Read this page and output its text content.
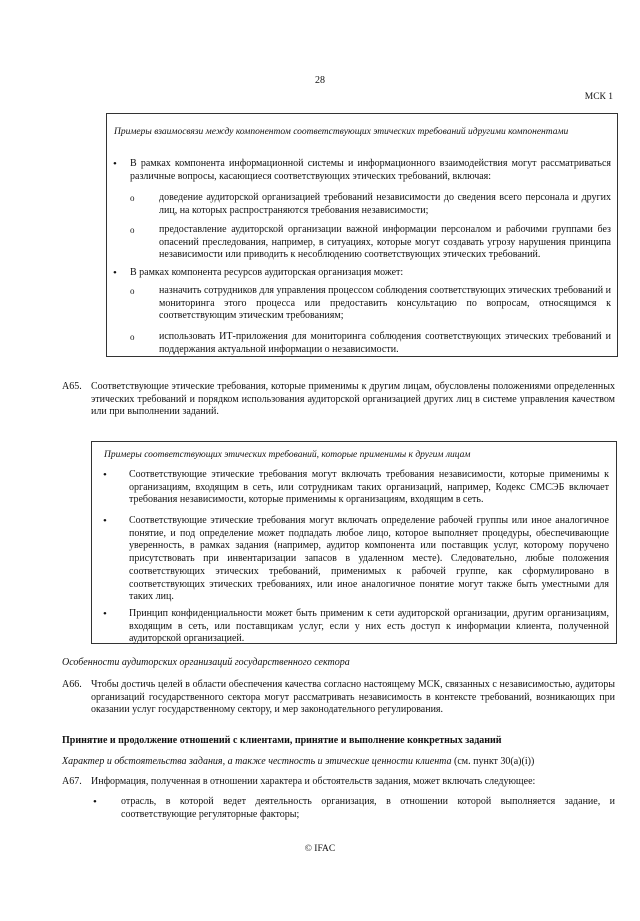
28
МСК 1
Примеры взаимосвязи между компонентом соответствующих этических требований идругими компонентами
• В рамках компонента информационной системы и информационного взаимодействия могут рассматриваться различные вопросы, касающиеся соответствующих этических требований, включая:
o доведение аудиторской организацией требований независимости до сведения всего персонала и других лиц, на которых распространяются требования независимости;
o предоставление аудиторской организации важной информации персоналом и рабочими группами без опасений преследования, например, в ситуациях, которые могут создавать угрозу нарушения принципа независимости или приводить к несоблюдению соответствующих этических требований.
• В рамках компонента ресурсов аудиторская организация может:
o назначить сотрудников для управления процессом соблюдения соответствующих этических требований и мониторинга этого процесса или предоставить консультацию по вопросам, относящимся к соответствующим этическим требованиям;
o использовать ИТ-приложения для мониторинга соблюдения соответствующих этических требований и поддержания актуальной информации о независимости.
A65. Соответствующие этические требования, которые применимы к другим лицам, обусловлены положениями определенных этических требований и порядком использования аудиторской организацией других лиц в системе управления качеством или при выполнении заданий.
Примеры соответствующих этических требований, которые применимы к другим лицам
• Соответствующие этические требования могут включать требования независимости, которые применимы к организациям, входящим в сеть, или сотрудникам таких организаций, например, Кодекс СМСЭБ включает требования независимости, которые применимы к организациям, входящим в сеть.
• Соответствующие этические требования могут включать определение рабочей группы или иное аналогичное понятие, и под определение может подпадать любое лицо, которое выполняет процедуры, обеспечивающие уверенность, в рамках задания (например, аудитор компонента или поставщик услуг, которому поручено присутствовать при инвентаризации запасов в удаленном месте). Следовательно, любые положения соответствующих этических требований, применимых к рабочей группе, как сформулировано в соответствующих этических требованиях, или иное аналогичное понятие могут также быть уместными для таких лиц.
• Принцип конфиденциальности может быть применим к сети аудиторской организации, другим организациям, входящим в сеть, или поставщикам услуг, если у них есть доступ к информации клиента, полученной аудиторской организацией.
Особенности аудиторских организаций государственного сектора
A66. Чтобы достичь целей в области обеспечения качества согласно настоящему МСК, связанных с независимостью, аудиторы организаций государственного сектора могут рассматривать независимость в контексте требований, возникающих при оказании услуг государственному сектору, и мер законодательного регулирования.
Принятие и продолжение отношений с клиентами, принятие и выполнение конкретных заданий
Характер и обстоятельства задания, а также честность и этические ценности клиента (см. пункт 30(a)(i))
A67. Информация, полученная в отношении характера и обстоятельств задания, может включать следующее:
• отрасль, в которой ведет деятельность организация, в отношении которой выполняется задание, и соответствующие регуляторные факторы;
© IFAC
